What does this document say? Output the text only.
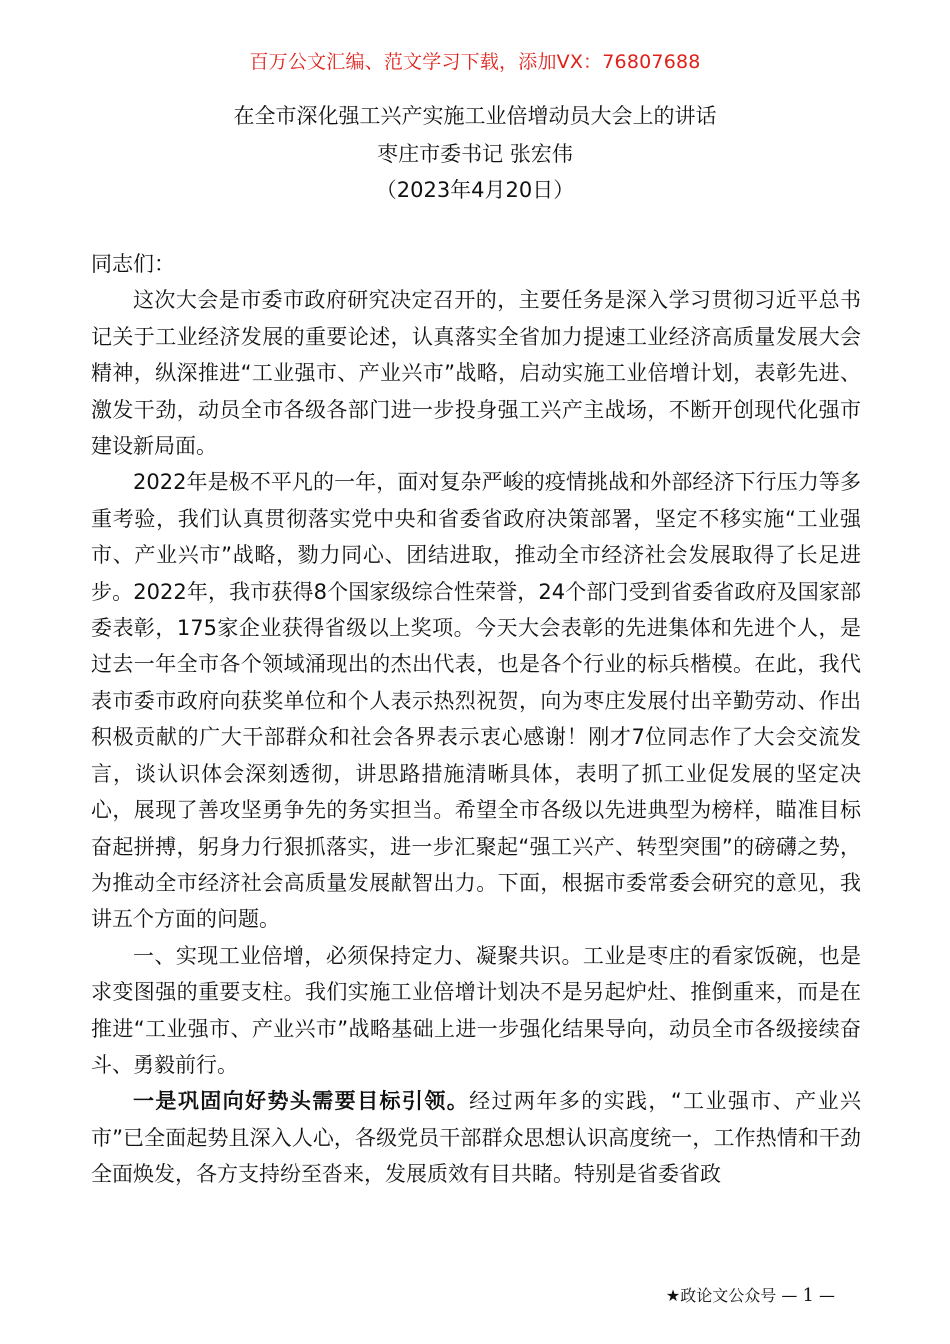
百万公文汇编、范文学习下载，添加VX：76807688
在全市深化强工兴产实施工业倍增动员大会上的讲话
枣庄市委书记 张宏伟
（2023年4月20日）

同志们：

这次大会是市委市政府研究决定召开的，主要任务是深入学习贯彻习近平总书记关于工业经济发展的重要论述，认真落实全省加力提速工业经济高质量发展大会精神，纵深推进“工业强市、产业兴市”战略，启动实施工业倍增计划，表彰先进、激发干劲，动员全市各级各部门进一步投身强工兴产主战场，不断开创现代化强市建设新局面。

2022年是极不平凡的一年，面对复杂严峻的疫情挑战和外部经济下行压力等多重考验，我们认真贯彻落实党中央和省委省政府决策部署，坚定不移实施“工业强市、产业兴市”战略，勠力同心、团结进取，推动全市经济社会发展取得了长足进步。2022年，我市获得8个国家级综合性荣誉，24个部门受到省委省政府及国家部委表彰，175家企业获得省级以上奖项。今天大会表彰的先进集体和先进个人，是过去一年全市各个领域涌现出的杰出代表，也是各个行业的标兵楷模。在此，我代表市委市政府向获奖单位和个人表示热烈祝贺，向为枣庄发展付出辛勤劳动、作出积极贡献的广大干部群众和社会各界表示衷心感谢！刚才7位同志作了大会交流发言，谈认识体会深刻透彻，讲思路措施清晰具体，表明了抓工业促发展的坚定决心，展现了善攻坚勇争先的务实担当。希望全市各级以先进典型为榜样，瞄准目标奋起拼搏，躬身力行狠抓落实，进一步汇聚起“强工兴产、转型突围”的磅礴之势，为推动全市经济社会高质量发展献智出力。下面，根据市委常委会研究的意见，我讲五个方面的问题。

一、实现工业倍增，必须保持定力、凝聚共识。工业是枣庄的看家饭碗，也是求变图强的重要支柱。我们实施工业倍增计划决不是另起炉灶、推倒重来，而是在推进“工业强市、产业兴市”战略基础上进一步强化结果导向，动员全市各级接续奋斗、勇毅前行。

一是巩固向好势头需要目标引领。经过两年多的实践，“工业强市、产业兴市”已全面起势且深入人心，各级党员干部群众思想认识高度统一，工作热情和干劲全面焕发，各方支持纷至沓来，发展质效有目共睹。特别是省委省政

★政论文公众号 — 1 —
